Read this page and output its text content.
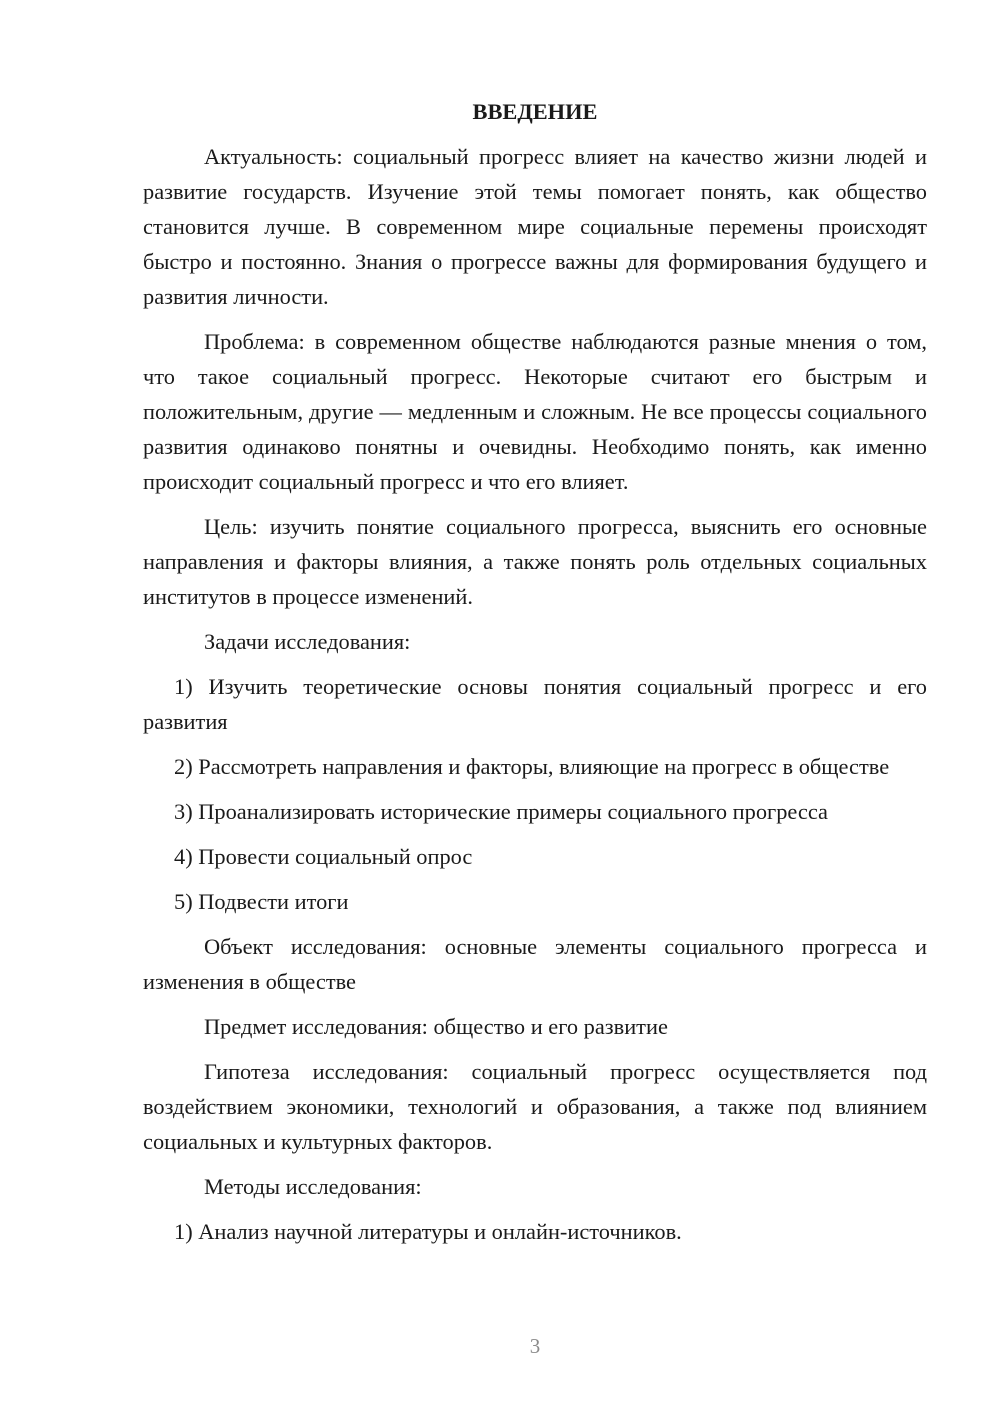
ВВЕДЕНИЕ

Актуальность: социальный прогресс влияет на качество жизни людей и развитие государств. Изучение этой темы помогает понять, как общество становится лучше. В современном мире социальные перемены происходят быстро и постоянно. Знания о прогрессе важны для формирования будущего и развития личности.

Проблема: в современном обществе наблюдаются разные мнения о том, что такое социальный прогресс. Некоторые считают его быстрым и положительным, другие — медленным и сложным. Не все процессы социального развития одинаково понятны и очевидны. Необходимо понять, как именно происходит социальный прогресс и что его влияет.

Цель: изучить понятие социального прогресса, выяснить его основные направления и факторы влияния, а также понять роль отдельных социальных институтов в процессе изменений.

Задачи исследования:

1) Изучить теоретические основы понятия социальный прогресс и его развития

2) Рассмотреть направления и факторы, влияющие на прогресс в обществе

3) Проанализировать исторические примеры социального прогресса

4) Провести социальный опрос

5) Подвести итоги

Объект исследования: основные элементы социального прогресса и изменения в обществе

Предмет исследования: общество и его развитие

Гипотеза исследования: социальный прогресс осуществляется под воздействием экономики, технологий и образования, а также под влиянием социальных и культурных факторов.

Методы исследования:

1) Анализ научной литературы и онлайн-источников.

3
